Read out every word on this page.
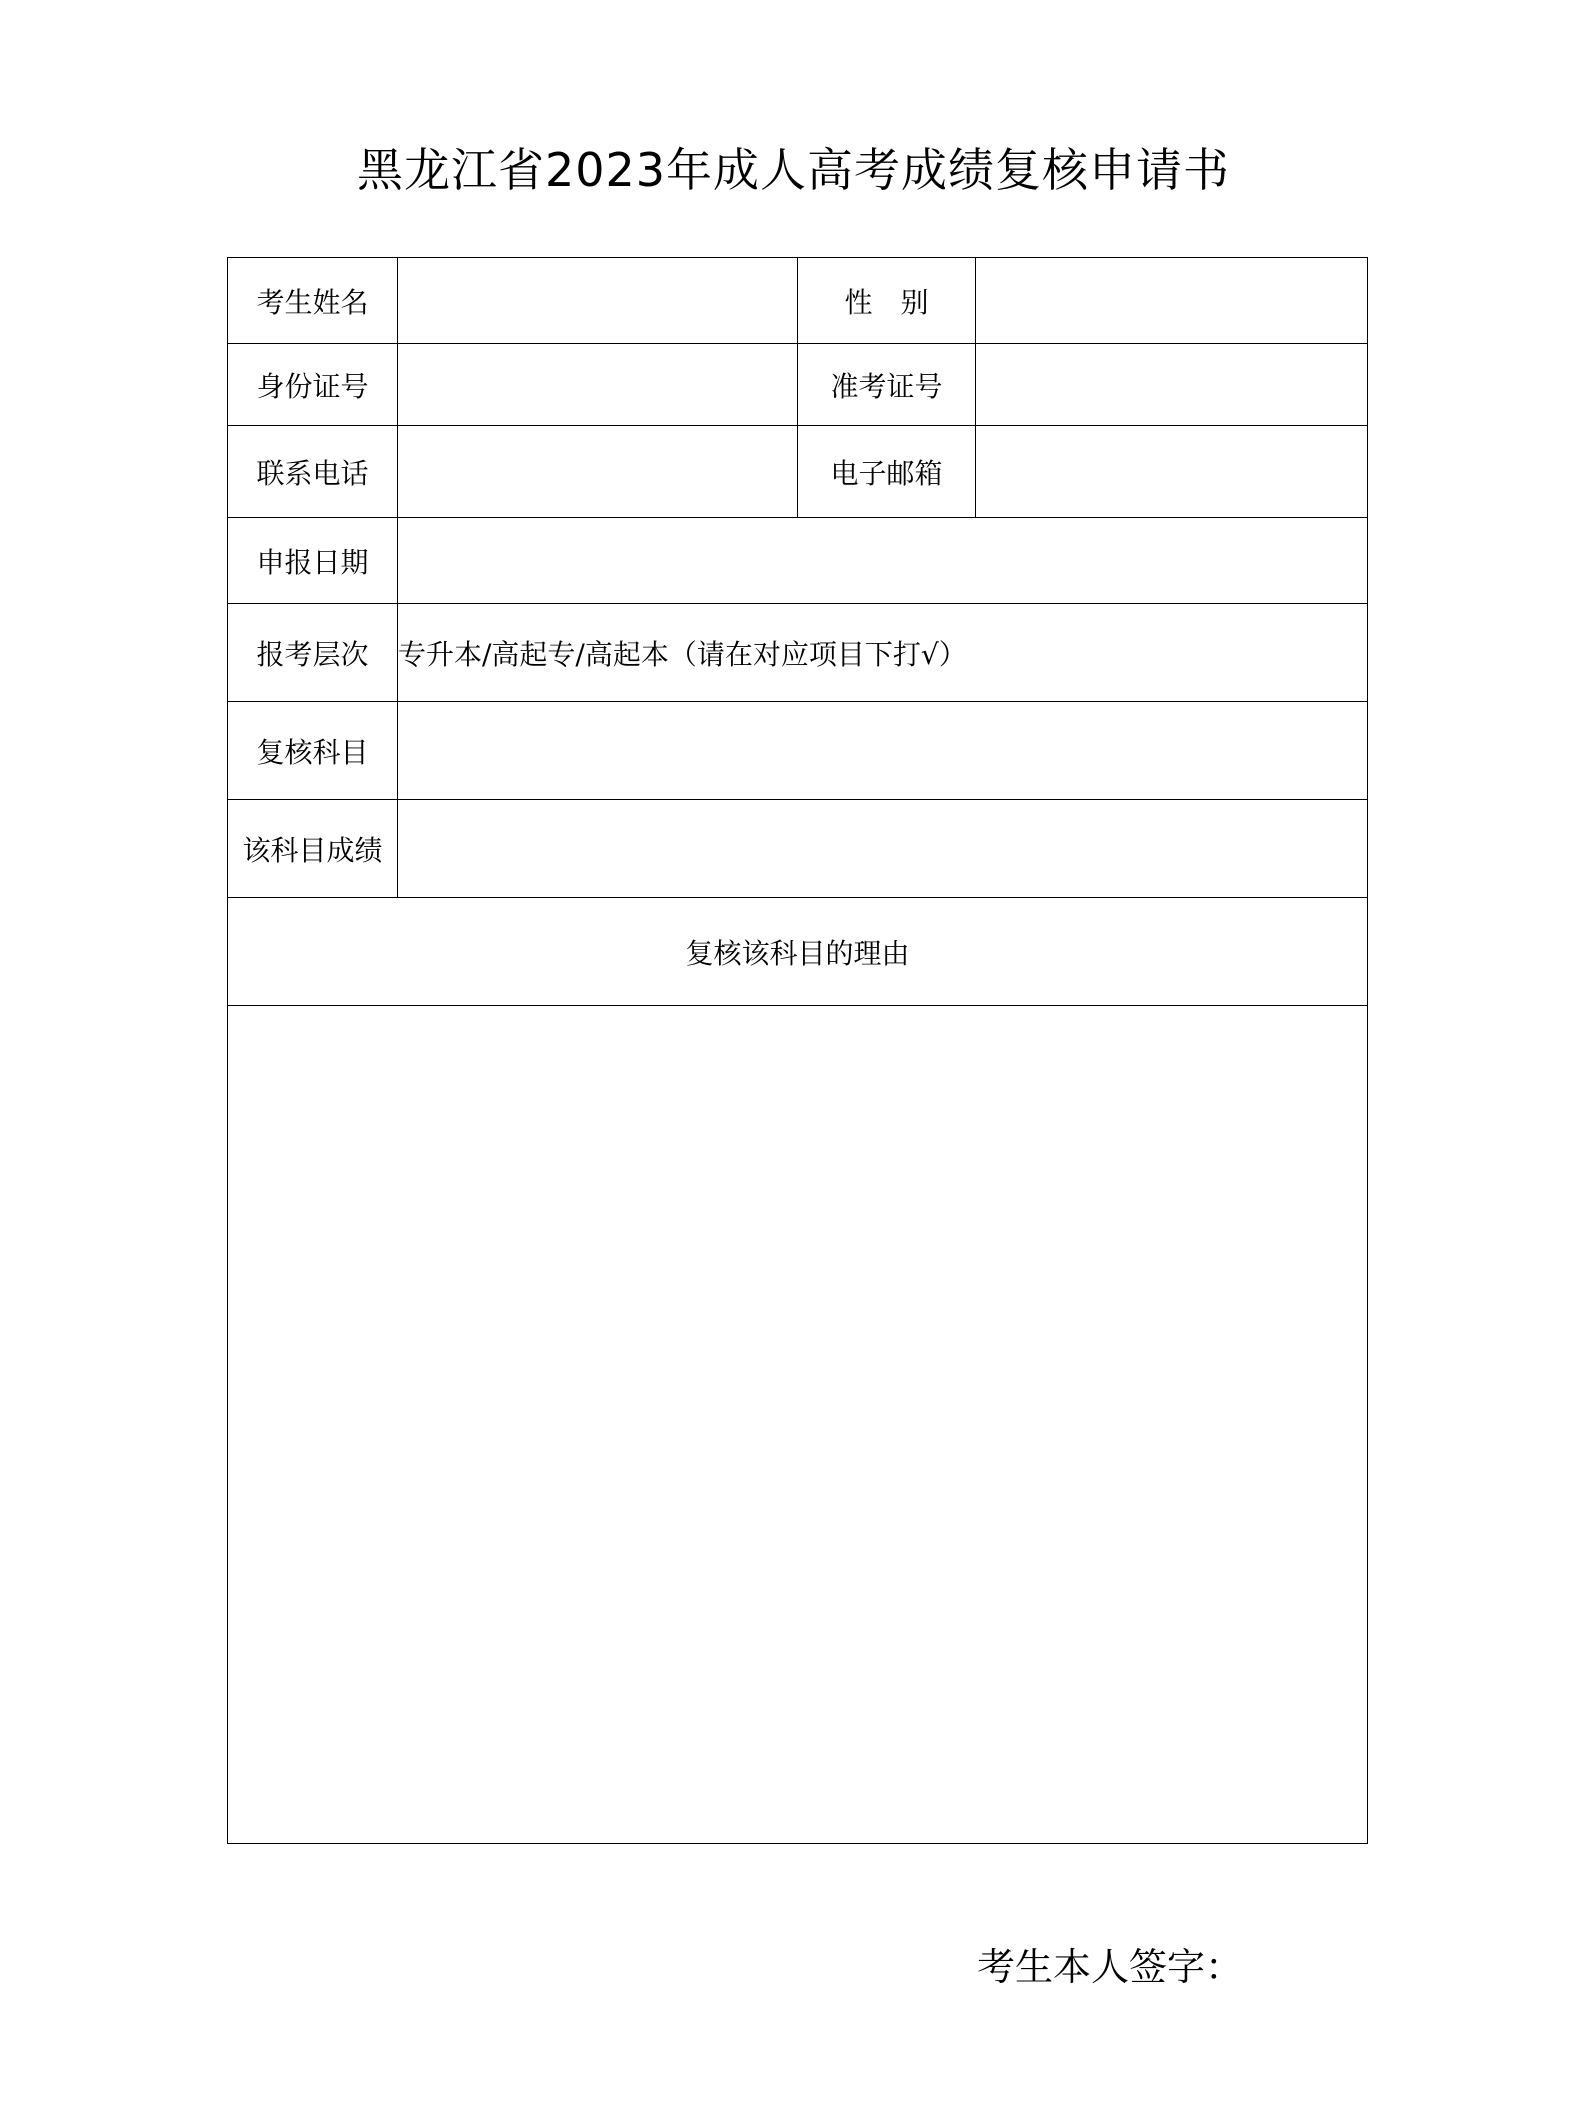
黑龙江省2023年成人高考成绩复核申请书
考生姓名		性　别	
身份证号		准考证号	
联系电话		电子邮箱	
申报日期			
报考层次	专升本/高起专/高起本（请在对应项目下打√）		
复核科目			
该科目成绩			
复核该科目的理由			

考生本人签字：
